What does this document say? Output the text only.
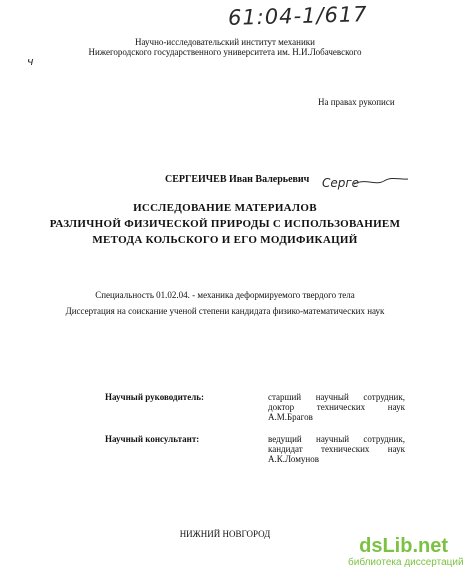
61:04-1/617
ч
Научно-исследовательский институт механики
Нижегородского государственного университета им. Н.И.Лобачевского
На правах рукописи
СЕРГЕИЧЕВ Иван Валерьевич Серге
ИССЛЕДОВАНИЕ МАТЕРИАЛОВ
РАЗЛИЧНОЙ ФИЗИЧЕСКОЙ ПРИРОДЫ С ИСПОЛЬЗОВАНИЕМ
МЕТОДА КОЛЬСКОГО И ЕГО МОДИФИКАЦИЙ
Специальность 01.02.04. - механика деформируемого твердого тела
Диссертация на соискание ученой степени кандидата физико-математических наук
Научный руководитель:	старший научный сотрудник,
доктор технических наук
А.М.Брагов
Научный консультант:	ведущий научный сотрудник,
кандидат технических наук
А.К.Ломунов
НИЖНИЙ НОВГОРОД
dsLib.net
библиотека диссертаций
